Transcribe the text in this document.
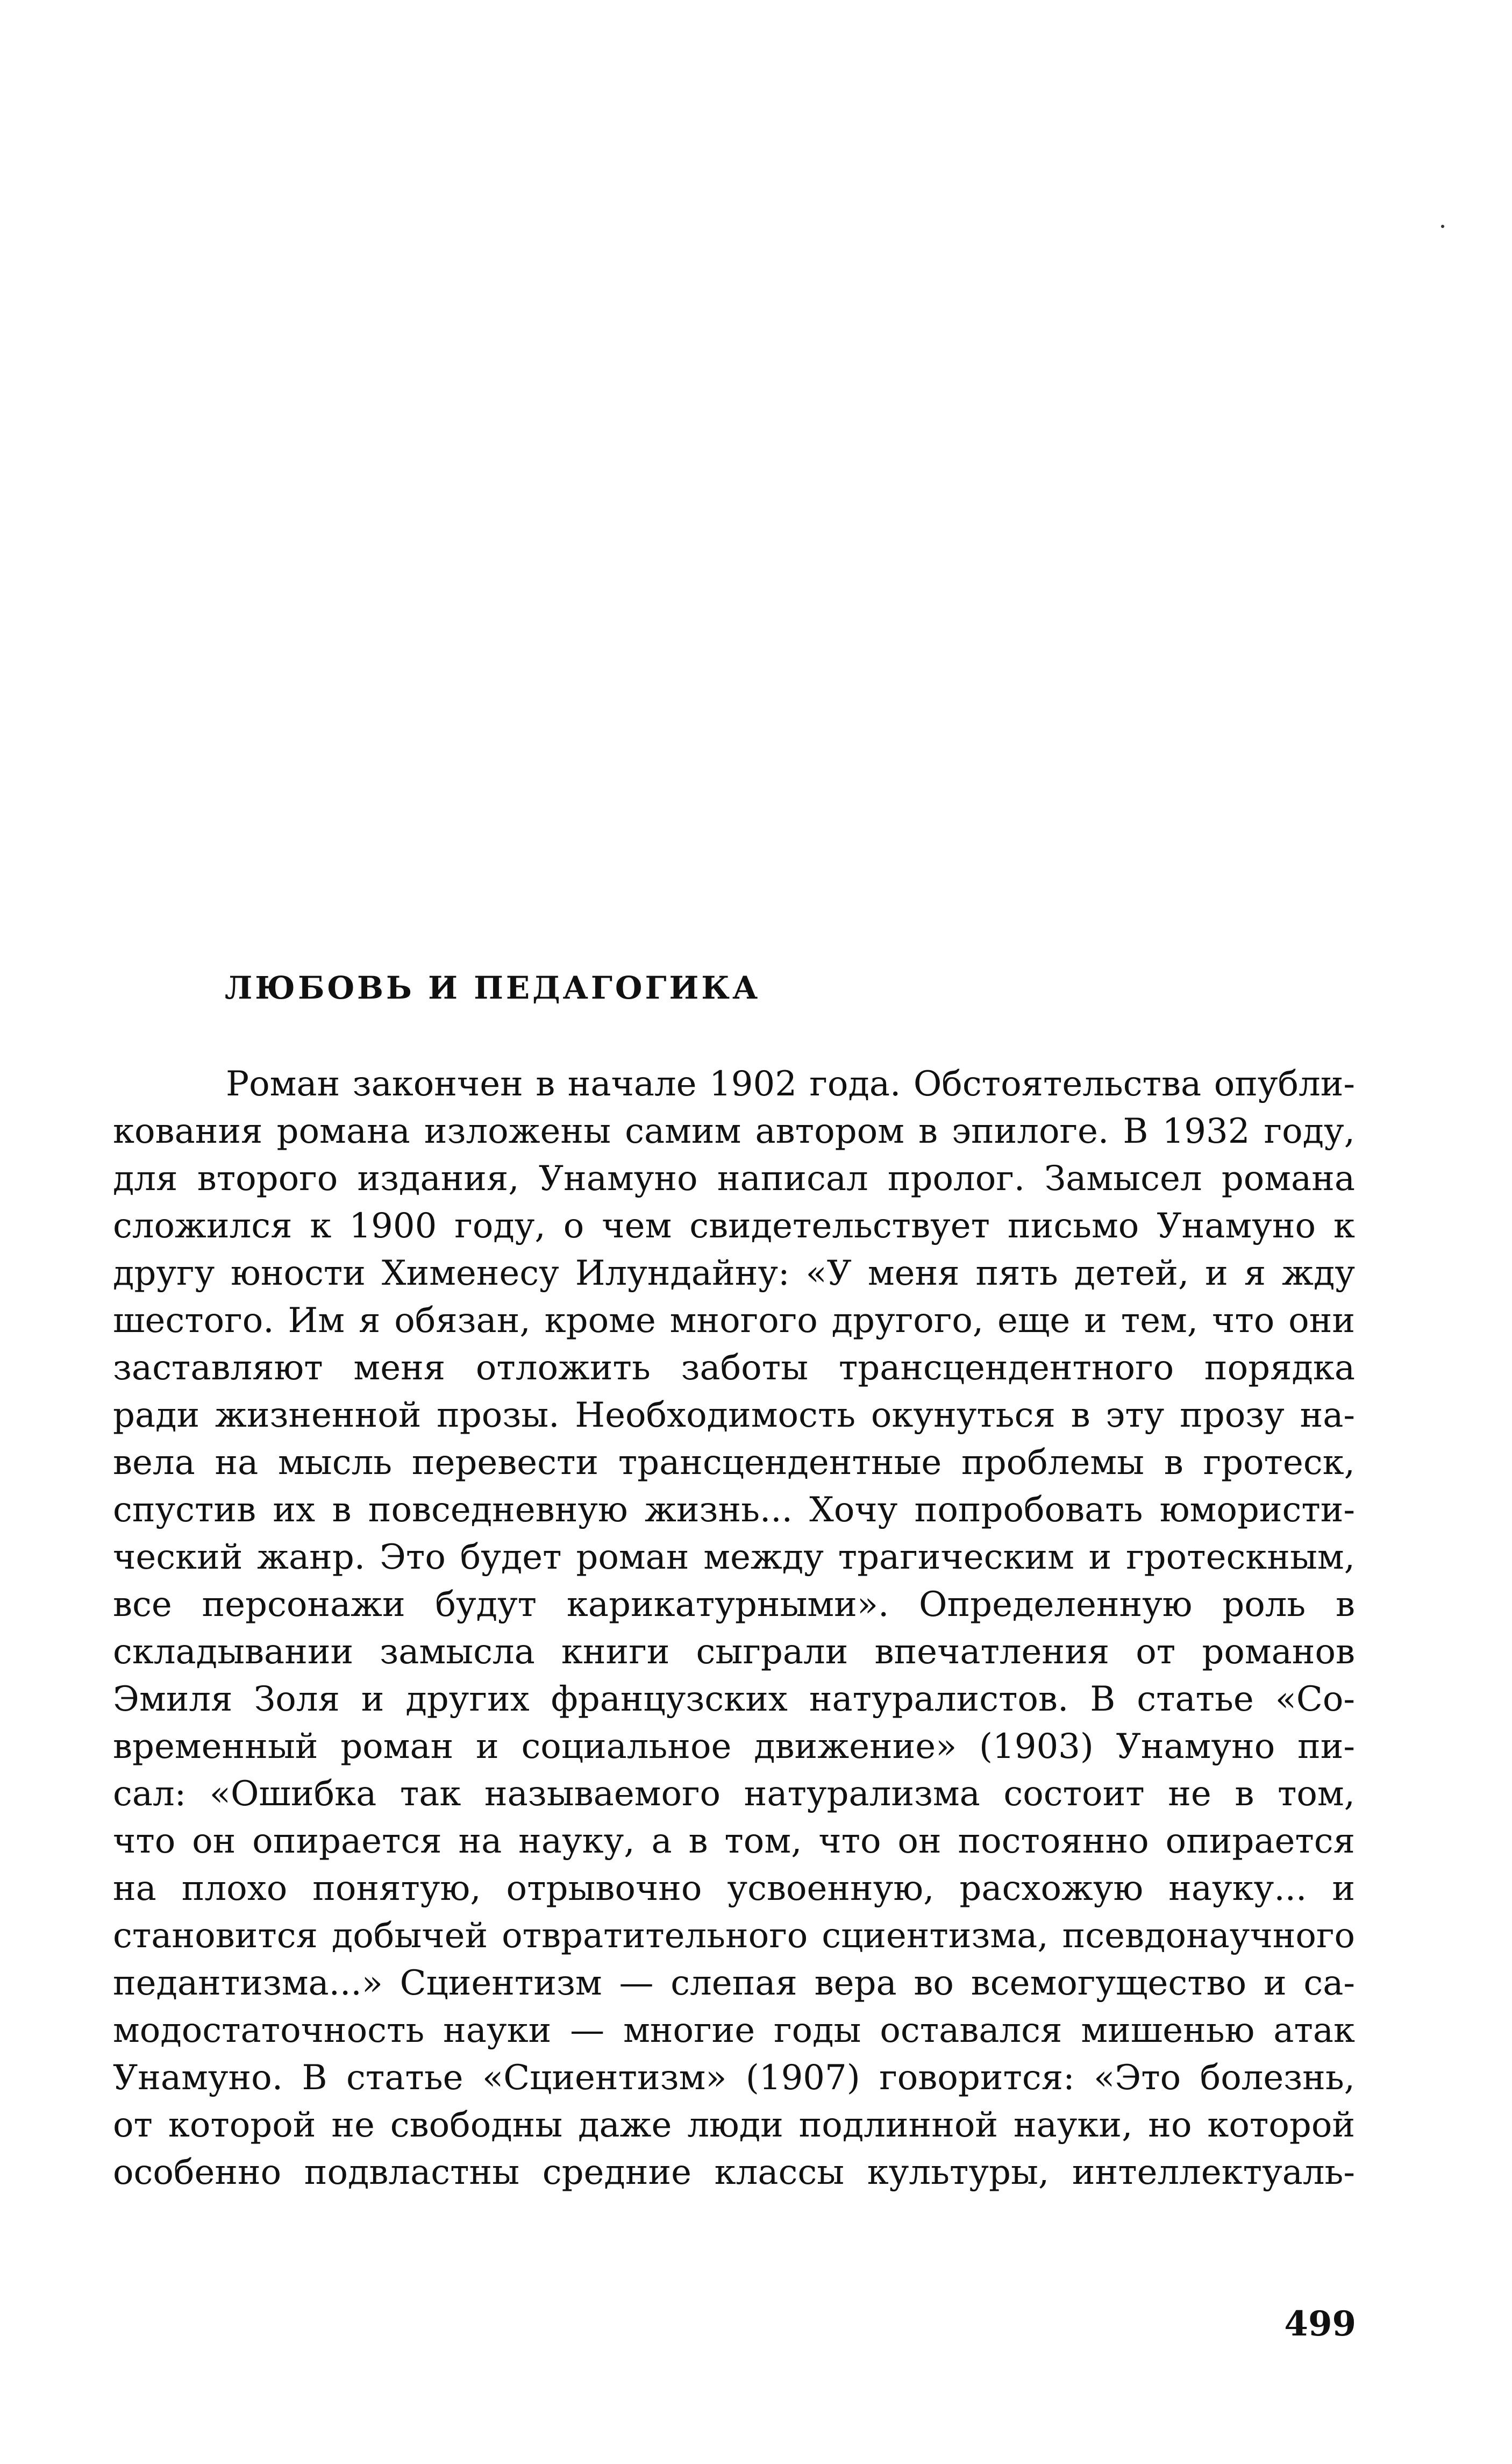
ЛЮБОВЬ И ПЕДАГОГИКА
Роман закончен в начале 1902 года. Обстоятельства опубли-
кования романа изложены самим автором в эпилоге. В 1932 году,
для второго издания, Унамуно написал пролог. Замысел романа
сложился к 1900 году, о чем свидетельствует письмо Унамуно к
другу юности Хименесу Илундайну: «У меня пять детей, и я жду
шестого. Им я обязан, кроме многого другого, еще и тем, что они
заставляют меня отложить заботы трансцендентного порядка
ради жизненной прозы. Необходимость окунуться в эту прозу на-
вела на мысль перевести трансцендентные проблемы в гротеск,
спустив их в повседневную жизнь... Хочу попробовать юмористи-
ческий жанр. Это будет роман между трагическим и гротескным,
все персонажи будут карикатурными». Определенную роль в
складывании замысла книги сыграли впечатления от романов
Эмиля Золя и других французских натуралистов. В статье «Со-
временный роман и социальное движение» (1903) Унамуно пи-
сал: «Ошибка так называемого натурализма состоит не в том,
что он опирается на науку, а в том, что он постоянно опирается
на плохо понятую, отрывочно усвоенную, расхожую науку... и
становится добычей отвратительного сциентизма, псевдонаучного
педантизма...» Сциентизм — слепая вера во всемогущество и са-
модостаточность науки — многие годы оставался мишенью атак
Унамуно. В статье «Сциентизм» (1907) говорится: «Это болезнь,
от которой не свободны даже люди подлинной науки, но которой
особенно подвластны средние классы культуры, интеллектуаль-
499
